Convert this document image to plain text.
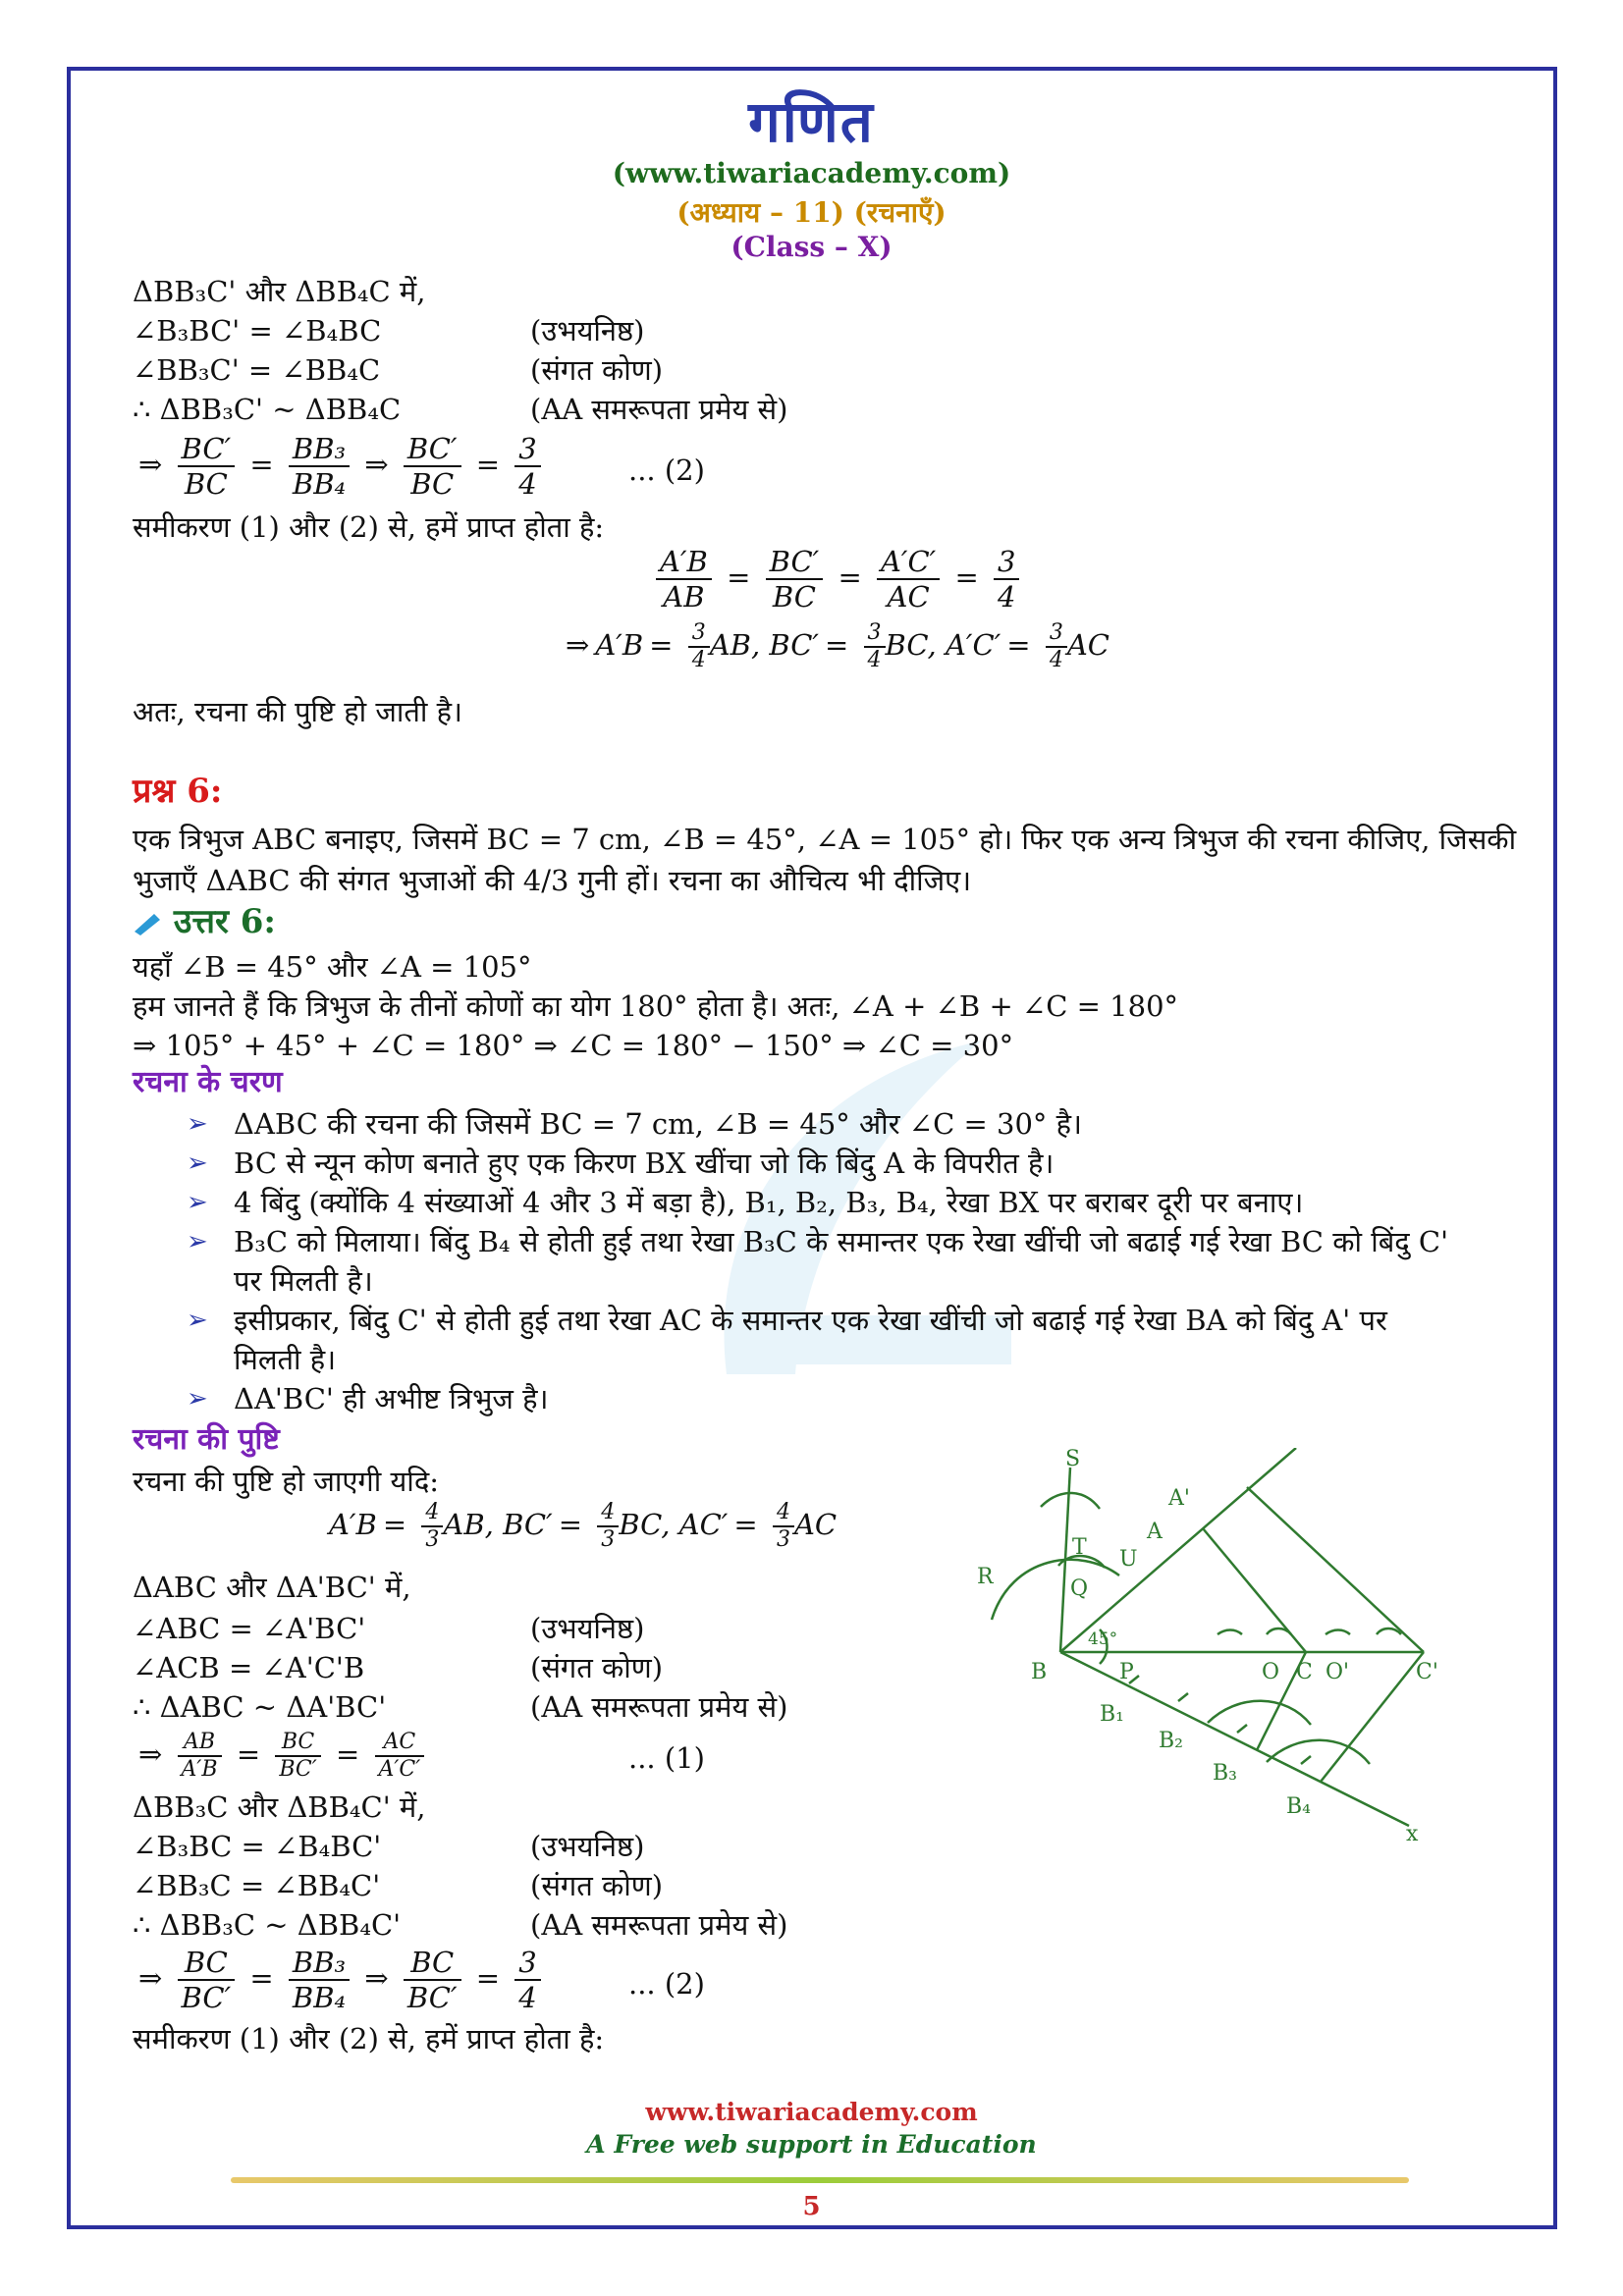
गणित
(www.tiwariacademy.com)
(अध्याय – 11) (रचनाएँ)
(Class – X)
ΔBB₃C' और ΔBB₄C में,
∠B₃BC' = ∠B₄BC	(उभयनिष्ठ)
∠BB₃C' = ∠BB₄C	(संगत कोण)
∴ ΔBB₃C' ~ ΔBB₄C	(AA समरूपता प्रमेय से)
⇒ $\frac{BC'}{BC} = \frac{\text{BB₃}}{\text{BB₄}}$ ⇒ $\frac{BC'}{BC} = \frac{3}{4}$	... (2)
समीकरण (1) और (2) से, हमें प्राप्त होता है:
$\frac{A'B}{AB} = \frac{BC'}{BC} = \frac{A'C'}{AC} = \frac{3}{4}$
⇒ $A'B = \frac{3}{4}$ AB, $BC' = \frac{3}{4}$ BC, $A'C' = \frac{3}{4}$ AC
अतः, रचना की पुष्टि हो जाती है।
प्रश्न 6:
एक त्रिभुज ABC बनाइए, जिसमें BC = 7 cm, ∠B = 45°, ∠A = 105° हो। फिर एक अन्य त्रिभुज की रचना कीजिए, जिसकी
भुजाएँ ΔABC की संगत भुजाओं की 4/3 गुनी हों। रचना का औचित्य भी दीजिए।
उत्तर 6:
यहाँ ∠B = 45° और ∠A = 105°
हम जानते हैं कि त्रिभुज के तीनों कोणों का योग 180° होता है। अतः, ∠A + ∠B + ∠C = 180°
⇒ 105° + 45° + ∠C = 180° ⇒ ∠C = 180° − 150° ⇒ ∠C = 30°
रचना के चरण
➢ ΔABC की रचना की जिसमें BC = 7 cm, ∠B = 45° और ∠C = 30° है।
➢ BC से न्यून कोण बनाते हुए एक किरण BX खींचा जो कि बिंदु A के विपरीत है।
➢ 4 बिंदु (क्योंकि 4 संख्याओं 4 और 3 में बड़ा है), B₁, B₂, B₃, B₄, रेखा BX पर बराबर दूरी पर बनाए।
➢ B₃C को मिलाया। बिंदु B₄ से होती हुई तथा रेखा B₃C के समान्तर एक रेखा खींची जो बढाई गई रेखा BC को बिंदु C'
पर मिलती है।
➢ इसीप्रकार, बिंदु C' से होती हुई तथा रेखा AC के समान्तर एक रेखा खींची जो बढाई गई रेखा BA को बिंदु A' पर
मिलती है।
➢ ΔA'BC' ही अभीष्ट त्रिभुज है।
रचना की पुष्टि
रचना की पुष्टि हो जाएगी यदि:
$A'B = \frac{4}{3}$ AB, $BC' = \frac{4}{3}$ BC, $AC' = \frac{4}{3}$ AC
ΔABC और ΔA'BC' में,
∠ABC = ∠A'BC'	(उभयनिष्ठ)
∠ACB = ∠A'C'B	(संगत कोण)
∴ ΔABC ~ ΔA'BC'	(AA समरूपता प्रमेय से)
⇒ $\frac{AB}{A'B} = \frac{BC}{BC'} = \frac{AC}{A'C'}$	... (1)
ΔBB₃C और ΔBB₄C' में,
∠B₃BC = ∠B₄BC'	(उभयनिष्ठ)
∠BB₃C = ∠BB₄C'	(संगत कोण)
∴ ΔBB₃C ~ ΔBB₄C'	(AA समरूपता प्रमेय से)
⇒ $\frac{BC}{BC'} = \frac{\text{BB₃}}{\text{BB₄}}$ ⇒ $\frac{BC}{BC'} = \frac{3}{4}$	... (2)
समीकरण (1) और (2) से, हमें प्राप्त होता है:
S
T
R	Q
U
A
A'
B	P	O C O'	C'
B₁
B₂
B₃
B₄
x
45°
www.tiwariacademy.com
A Free web support in Education
5
